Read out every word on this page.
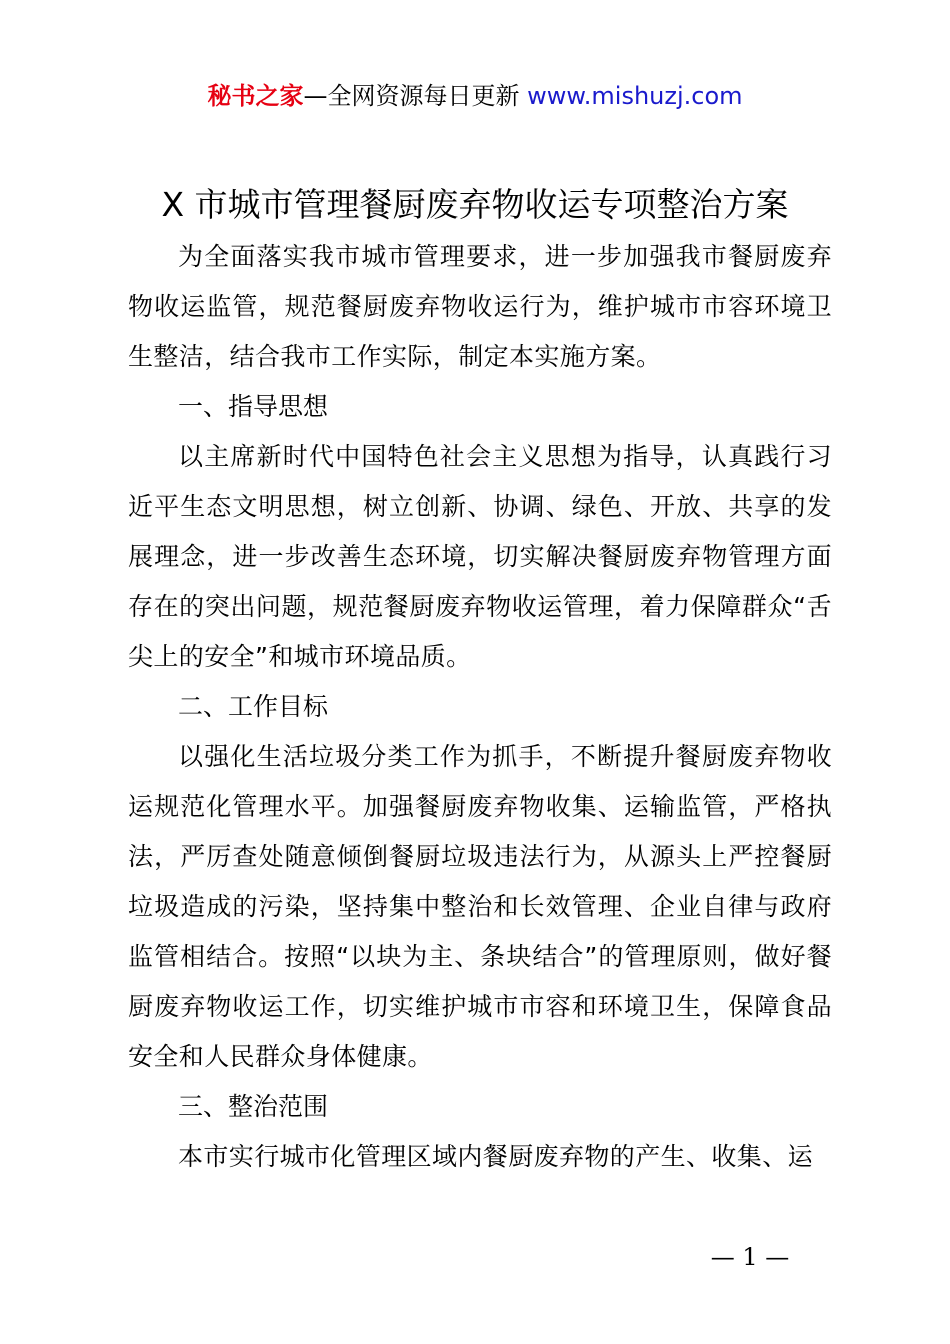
秘书之家—全网资源每日更新 www.mishuzj.com
X 市城市管理餐厨废弃物收运专项整治方案

为全面落实我市城市管理要求，进一步加强我市餐厨废弃物收运监管，规范餐厨废弃物收运行为，维护城市市容环境卫生整洁，结合我市工作实际，制定本实施方案。

一、指导思想

以主席新时代中国特色社会主义思想为指导，认真践行习近平生态文明思想，树立创新、协调、绿色、开放、共享的发展理念，进一步改善生态环境，切实解决餐厨废弃物管理方面存在的突出问题，规范餐厨废弃物收运管理，着力保障群众“舌尖上的安全”和城市环境品质。

二、工作目标

以强化生活垃圾分类工作为抓手，不断提升餐厨废弃物收运规范化管理水平。加强餐厨废弃物收集、运输监管，严格执法，严厉查处随意倾倒餐厨垃圾违法行为，从源头上严控餐厨垃圾造成的污染，坚持集中整治和长效管理、企业自律与政府监管相结合。按照“以块为主、条块结合”的管理原则，做好餐厨废弃物收运工作，切实维护城市市容和环境卫生，保障食品安全和人民群众身体健康。

三、整治范围

本市实行城市化管理区域内餐厨废弃物的产生、收集、运

— 1 —
